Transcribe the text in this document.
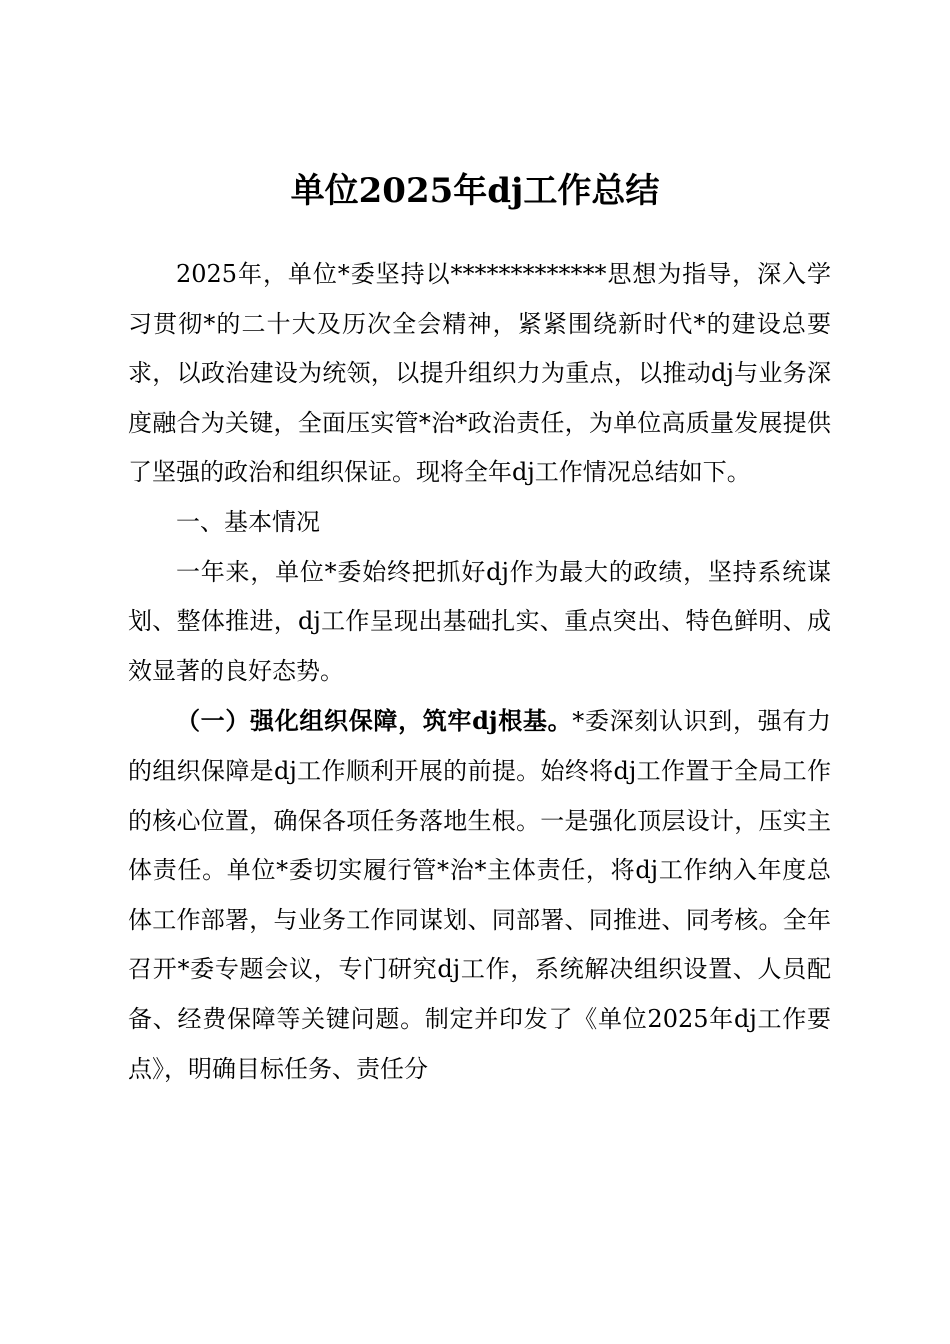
单位2025年dj工作总结

2025年，单位*委坚持以*************思想为指导，深入学习贯彻*的二十大及历次全会精神，紧紧围绕新时代*的建设总要求，以政治建设为统领，以提升组织力为重点，以推动dj与业务深度融合为关键，全面压实管*治*政治责任，为单位高质量发展提供了坚强的政治和组织保证。现将全年dj工作情况总结如下。

一、基本情况

一年来，单位*委始终把抓好dj作为最大的政绩，坚持系统谋划、整体推进，dj工作呈现出基础扎实、重点突出、特色鲜明、成效显著的良好态势。

（一）强化组织保障，筑牢dj根基。*委深刻认识到，强有力的组织保障是dj工作顺利开展的前提。始终将dj工作置于全局工作的核心位置，确保各项任务落地生根。一是强化顶层设计，压实主体责任。单位*委切实履行管*治*主体责任，将dj工作纳入年度总体工作部署，与业务工作同谋划、同部署、同推进、同考核。全年召开*委专题会议，专门研究dj工作，系统解决组织设置、人员配备、经费保障等关键问题。制定并印发了《单位2025年dj工作要点》，明确目标任务、责任分
